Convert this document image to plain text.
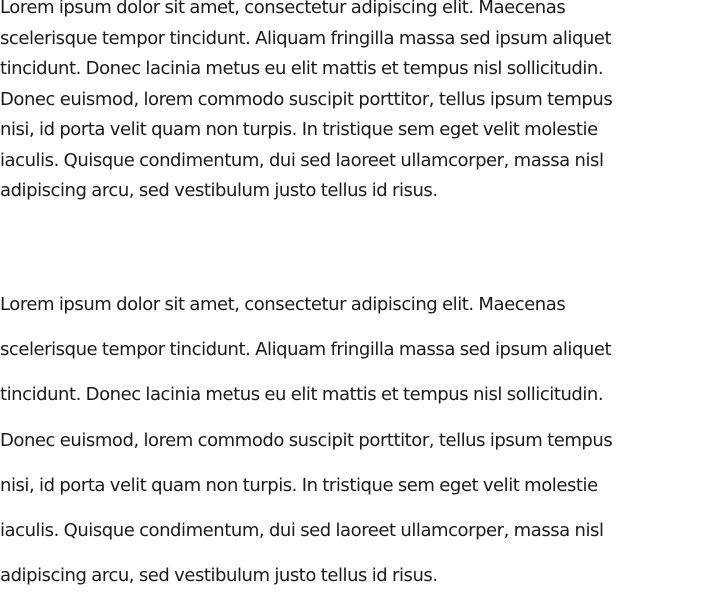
Lorem ipsum dolor sit amet, consectetur adipiscing elit. Maecenas
scelerisque tempor tincidunt. Aliquam fringilla massa sed ipsum aliquet
tincidunt. Donec lacinia metus eu elit mattis et tempus nisl sollicitudin.
Donec euismod, lorem commodo suscipit porttitor, tellus ipsum tempus
nisi, id porta velit quam non turpis. In tristique sem eget velit molestie
iaculis. Quisque condimentum, dui sed laoreet ullamcorper, massa nisl
adipiscing arcu, sed vestibulum justo tellus id risus.

Lorem ipsum dolor sit amet, consectetur adipiscing elit. Maecenas
scelerisque tempor tincidunt. Aliquam fringilla massa sed ipsum aliquet
tincidunt. Donec lacinia metus eu elit mattis et tempus nisl sollicitudin.
Donec euismod, lorem commodo suscipit porttitor, tellus ipsum tempus
nisi, id porta velit quam non turpis. In tristique sem eget velit molestie
iaculis. Quisque condimentum, dui sed laoreet ullamcorper, massa nisl
adipiscing arcu, sed vestibulum justo tellus id risus.
